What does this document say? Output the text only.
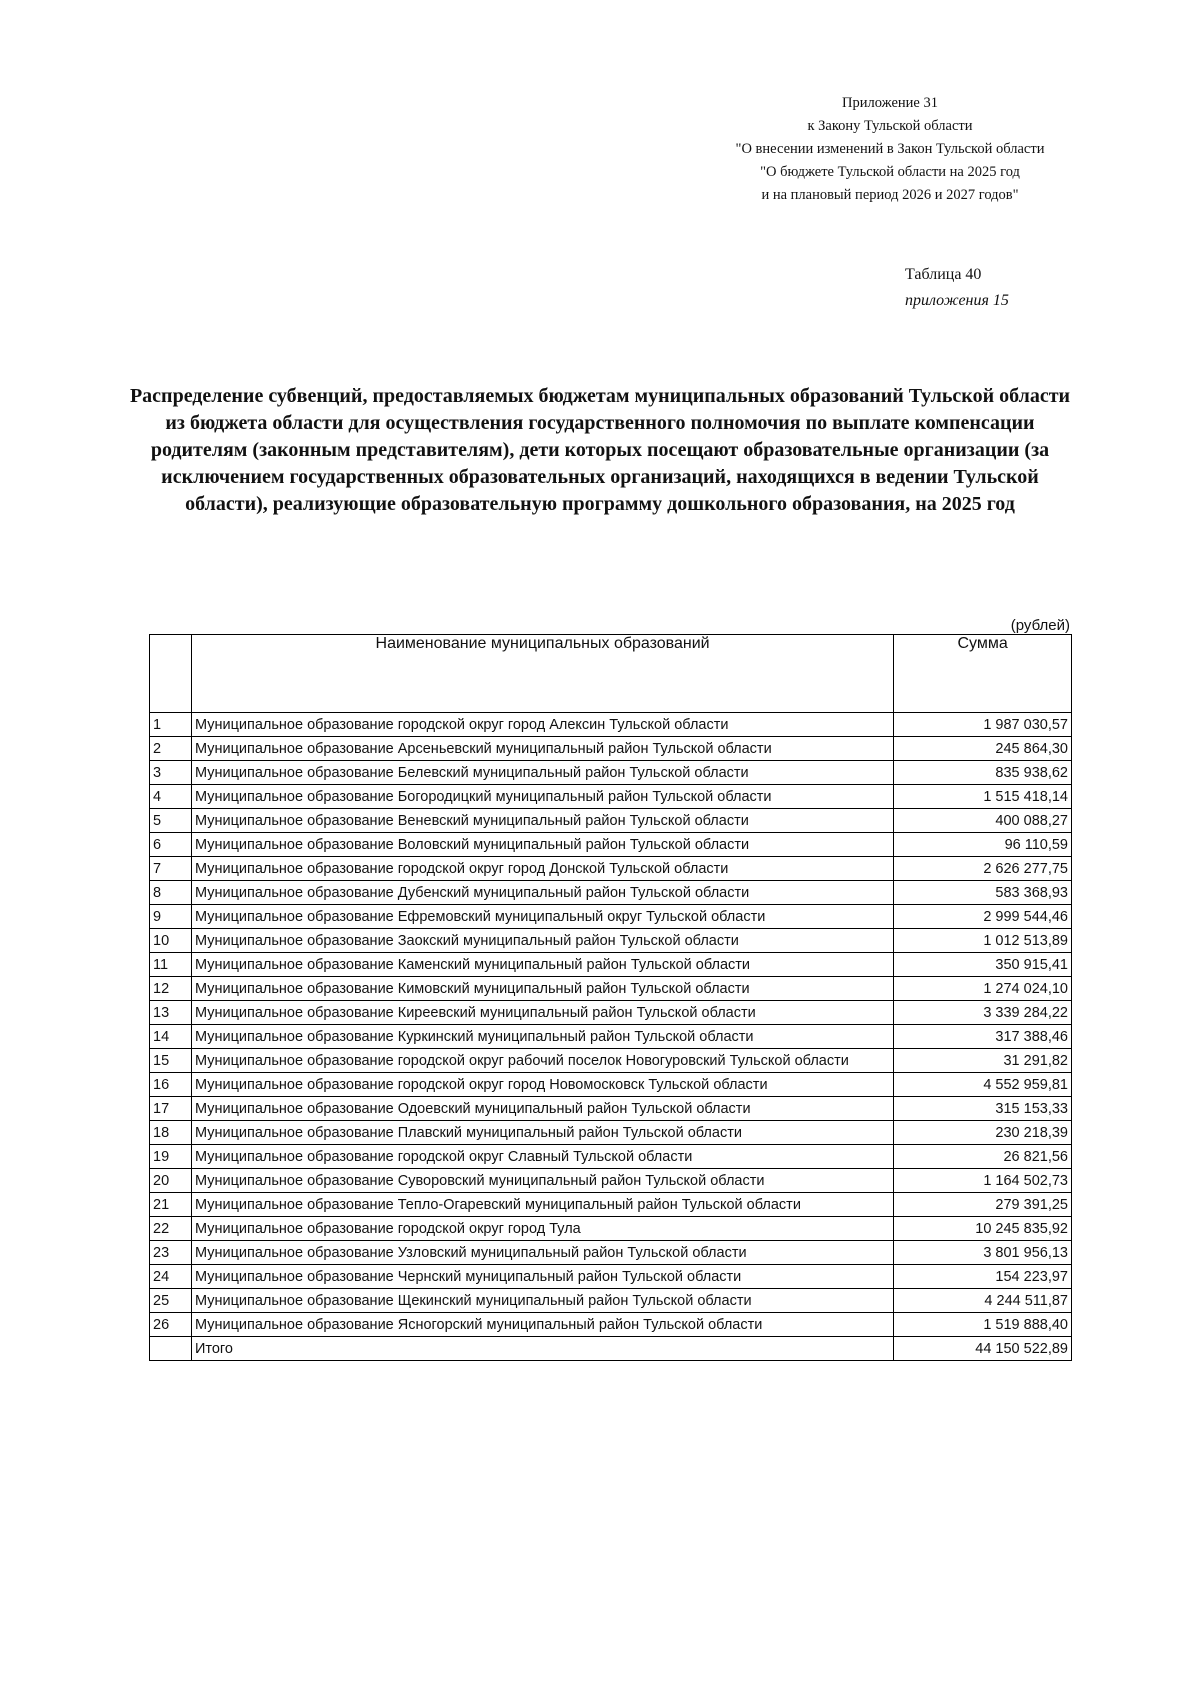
Приложение 31
к Закону Тульской области
"О внесении изменений в Закон Тульской области
"О бюджете Тульской области на 2025 год
и на плановый период 2026 и 2027 годов"
Таблица 40
приложения 15
Распределение субвенций, предоставляемых бюджетам муниципальных образований Тульской области из бюджета области для осуществления государственного полномочия по выплате компенсации родителям (законным представителям), дети которых посещают образовательные организации (за исключением государственных образовательных организаций, находящихся в ведении Тульской области), реализующие образовательную программу дошкольного образования, на 2025 год
(рублей)
	Наименование муниципальных образований	Сумма
1	Муниципальное образование городской округ город Алексин Тульской области	1 987 030,57
2	Муниципальное образование Арсеньевский муниципальный район Тульской области	245 864,30
3	Муниципальное образование Белевский муниципальный район Тульской области	835 938,62
4	Муниципальное образование Богородицкий муниципальный район Тульской области	1 515 418,14
5	Муниципальное образование Веневский муниципальный район Тульской области	400 088,27
6	Муниципальное образование Воловский муниципальный район Тульской области	96 110,59
7	Муниципальное образование городской округ город Донской Тульской области	2 626 277,75
8	Муниципальное образование Дубенский муниципальный район Тульской области	583 368,93
9	Муниципальное образование Ефремовский муниципальный округ Тульской области	2 999 544,46
10	Муниципальное образование Заокский муниципальный район Тульской области	1 012 513,89
11	Муниципальное образование Каменский муниципальный район Тульской области	350 915,41
12	Муниципальное образование Кимовский муниципальный район Тульской области	1 274 024,10
13	Муниципальное образование Киреевский муниципальный район Тульской области	3 339 284,22
14	Муниципальное образование Куркинский муниципальный район Тульской области	317 388,46
15	Муниципальное образование городской округ рабочий поселок Новогуровский Тульской области	31 291,82
16	Муниципальное образование городской округ город Новомосковск Тульской области	4 552 959,81
17	Муниципальное образование Одоевский муниципальный район Тульской области	315 153,33
18	Муниципальное образование Плавский муниципальный район Тульской области	230 218,39
19	Муниципальное образование городской округ Славный Тульской области	26 821,56
20	Муниципальное образование Суворовский муниципальный район Тульской области	1 164 502,73
21	Муниципальное образование Тепло-Огаревский муниципальный район Тульской области	279 391,25
22	Муниципальное образование городской округ город Тула	10 245 835,92
23	Муниципальное образование Узловский муниципальный район Тульской области	3 801 956,13
24	Муниципальное образование Чернский муниципальный район Тульской области	154 223,97
25	Муниципальное образование Щекинский муниципальный район Тульской области	4 244 511,87
26	Муниципальное образование Ясногорский муниципальный район Тульской области	1 519 888,40
	Итого	44 150 522,89
